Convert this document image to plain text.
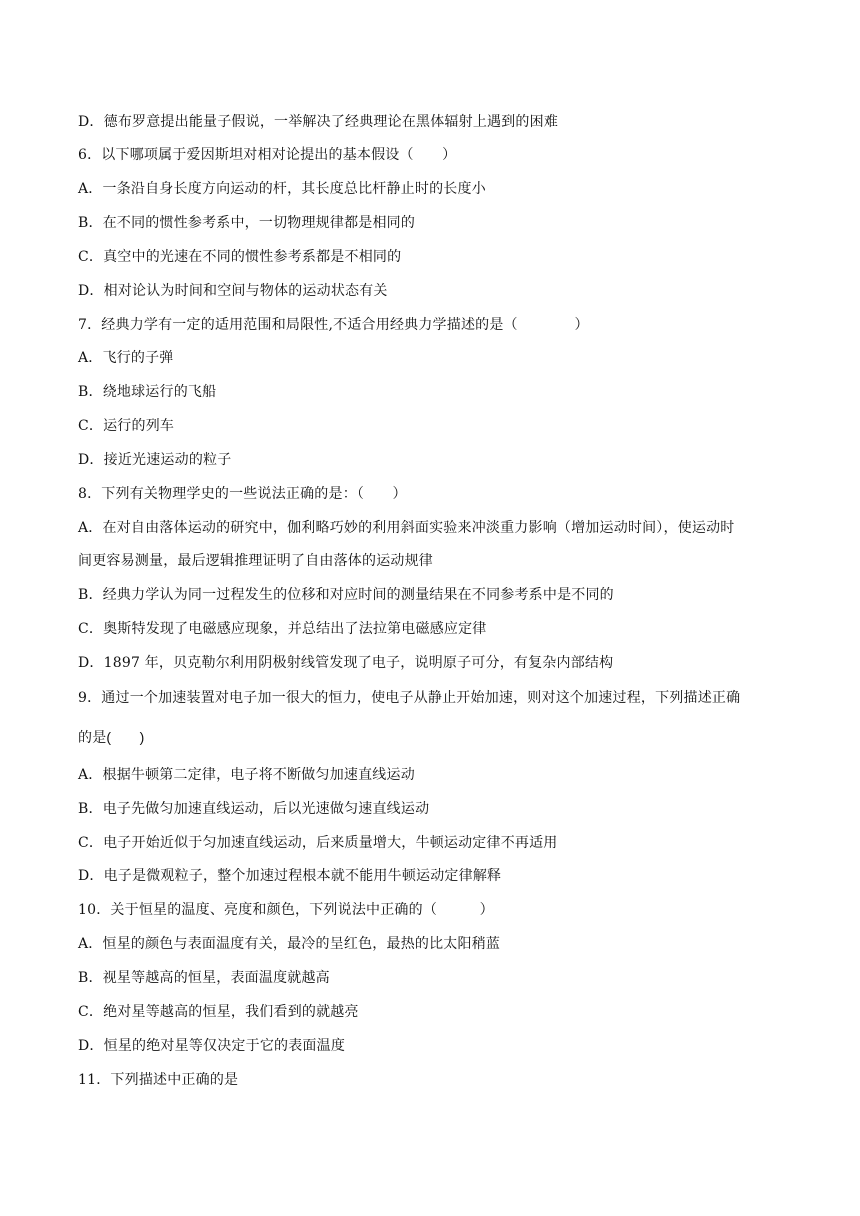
D．德布罗意提出能量子假说，一举解决了经典理论在黑体辐射上遇到的困难
6．以下哪项属于爱因斯坦对相对论提出的基本假设（　　）
A．一条沿自身长度方向运动的杆，其长度总比杆静止时的长度小
B．在不同的惯性参考系中，一切物理规律都是相同的
C．真空中的光速在不同的惯性参考系都是不相同的
D．相对论认为时间和空间与物体的运动状态有关
7．经典力学有一定的适用范围和局限性,不适合用经典力学描述的是（　　　　）
A．飞行的子弹
B．绕地球运行的飞船
C．运行的列车
D．接近光速运动的粒子
8．下列有关物理学史的一些说法正确的是：（　　）
A．在对自由落体运动的研究中，伽利略巧妙的利用斜面实验来冲淡重力影响（增加运动时间），使运动时
间更容易测量，最后逻辑推理证明了自由落体的运动规律
B．经典力学认为同一过程发生的位移和对应时间的测量结果在不同参考系中是不同的
C．奥斯特发现了电磁感应现象，并总结出了法拉第电磁感应定律
D．1897 年，贝克勒尔利用阴极射线管发现了电子，说明原子可分，有复杂内部结构
9．通过一个加速装置对电子加一很大的恒力，使电子从静止开始加速，则对这个加速过程，下列描述正确
的是(　　)
A．根据牛顿第二定律，电子将不断做匀加速直线运动
B．电子先做匀加速直线运动，后以光速做匀速直线运动
C．电子开始近似于匀加速直线运动，后来质量增大，牛顿运动定律不再适用
D．电子是微观粒子，整个加速过程根本就不能用牛顿运动定律解释
10．关于恒星的温度、亮度和颜色，下列说法中正确的（　　　）
A．恒星的颜色与表面温度有关，最冷的呈红色，最热的比太阳稍蓝
B．视星等越高的恒星，表面温度就越高
C．绝对星等越高的恒星，我们看到的就越亮
D．恒星的绝对星等仅决定于它的表面温度
11．下列描述中正确的是
